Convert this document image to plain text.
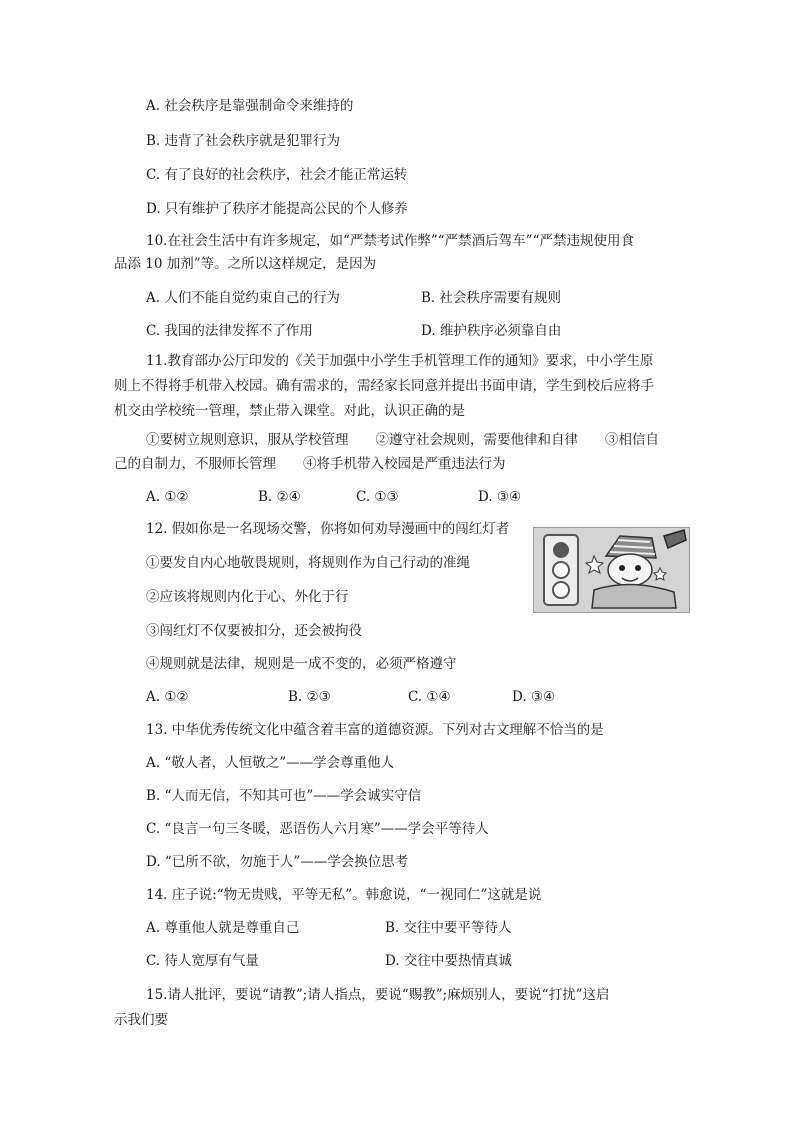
A. 社会秩序是靠强制命令来维持的
B. 违背了社会秩序就是犯罪行为
C. 有了良好的社会秩序，社会才能正常运转
D. 只有维护了秩序才能提高公民的个人修养
10.在社会生活中有许多规定，如“严禁考试作弊”“严禁酒后驾车”“严禁违规使用食
品添 10 加剂”等。之所以这样规定，是因为
A. 人们不能自觉约束自己的行为	B. 社会秩序需要有规则
C. 我国的法律发挥不了作用	D. 维护秩序必须靠自由
11.教育部办公厅印发的《关于加强中小学生手机管理工作的通知》要求，中小学生原
则上不得将手机带入校园。确有需求的，需经家长同意并提出书面申请，学生到校后应将手
机交由学校统一管理，禁止带入课堂。对此，认识正确的是
①要树立规则意识，服从学校管理　　②遵守社会规则，需要他律和自律　　③相信自
己的自制力，不服师长管理　　④将手机带入校园是严重违法行为
A. ①②	B. ②④	C. ①③	D. ③④
12. 假如你是一名现场交警，你将如何劝导漫画中的闯红灯者
①要发自内心地敬畏规则，将规则作为自己行动的准绳
②应该将规则内化于心、外化于行
③闯红灯不仅要被扣分，还会被拘役
④规则就是法律，规则是一成不变的，必须严格遵守
A. ①②	B. ②③	C. ①④	D. ③④
13. 中华优秀传统文化中蕴含着丰富的道德资源。下列对古文理解不恰当的是
A. “敬人者，人恒敬之”——学会尊重他人
B. “人而无信，不知其可也”——学会诚实守信
C. “良言一句三冬暖，恶语伤人六月寒”——学会平等待人
D. “已所不欲，勿施于人”——学会换位思考
14. 庄子说:“物无贵贱，平等无私”。韩愈说，“一视同仁”这就是说
A. 尊重他人就是尊重自己	B. 交往中要平等待人
C. 待人宽厚有气量	D. 交往中要热情真诚
15.请人批评，要说“请教”;请人指点，要说“赐教”;麻烦别人，要说“打扰”这启
示我们要
